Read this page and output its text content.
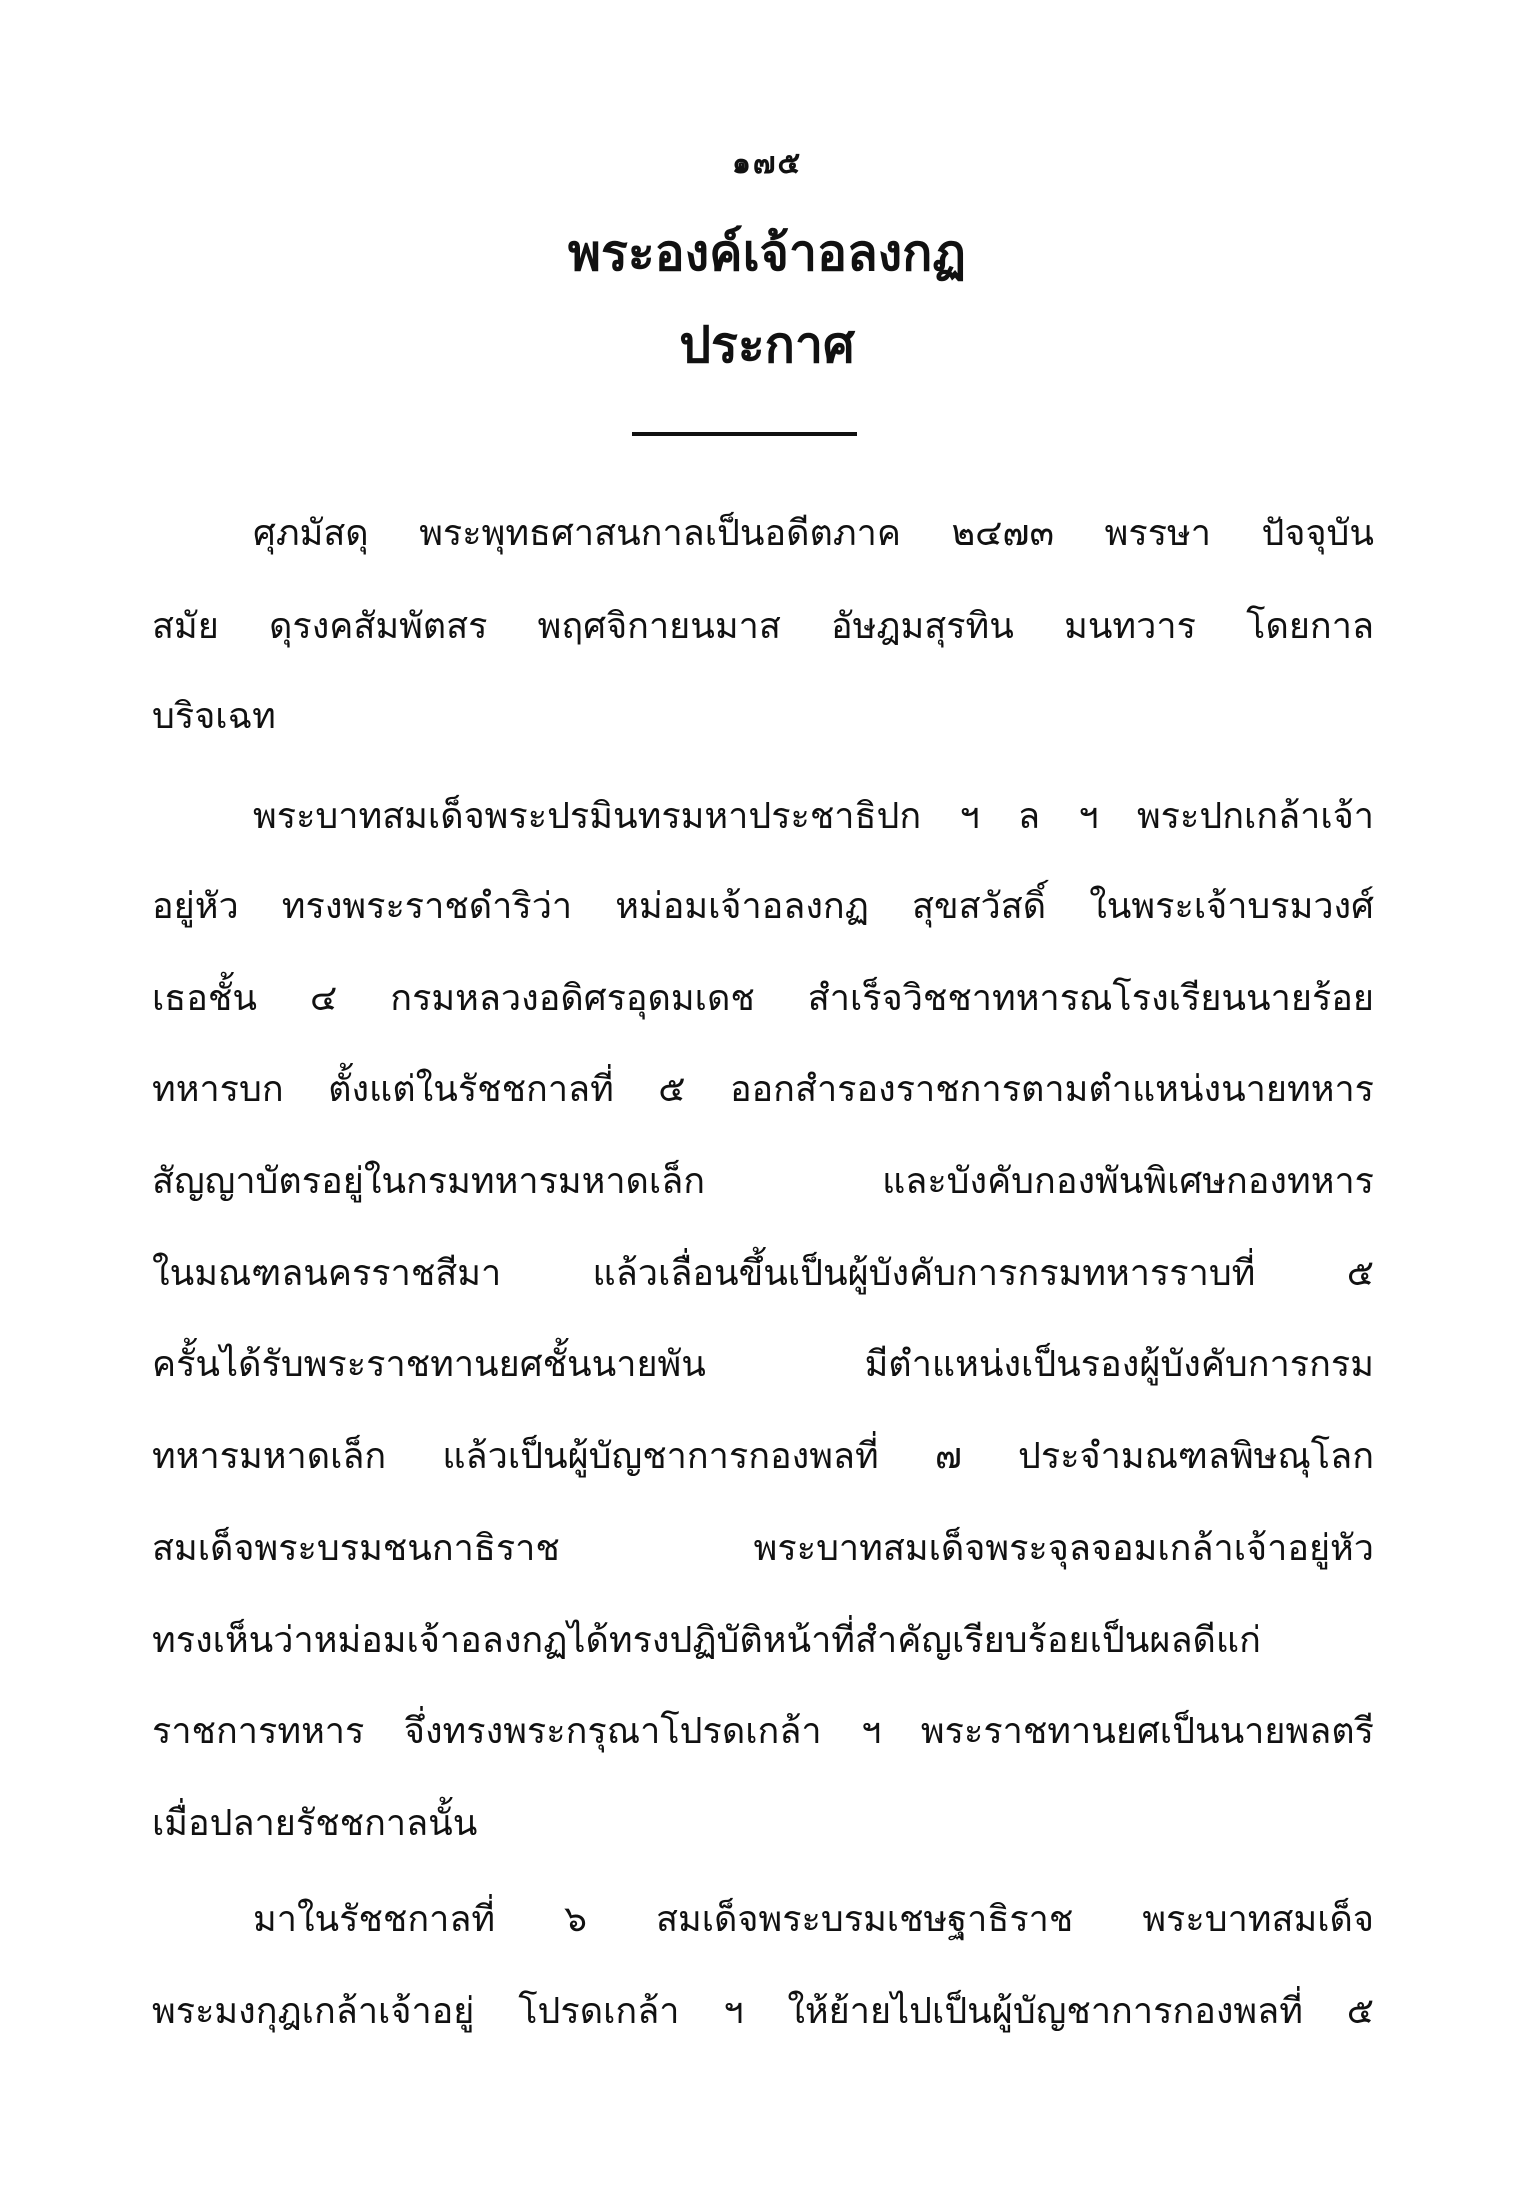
๑๗๕
พระองค์เจ้าอลงกฏ
ประกาศ
ศุภมัสดุ พระพุทธศาสนกาลเป็นอดีตภาค ๒๔๗๓ พรรษา ปัจจุบัน
สมัย ดุรงคสัมพัตสร พฤศจิกายนมาส อัษฎมสุรทิน มนทวาร โดยกาล
บริจเฉท
พระบาทสมเด็จพระปรมินทรมหาประชาธิปก ฯ ล ฯ พระปกเกล้าเจ้า
อยู่หัว ทรงพระราชดำริว่า หม่อมเจ้าอลงกฏ สุขสวัสดิ์ ในพระเจ้าบรมวงศ์
เธอชั้น ๔ กรมหลวงอดิศรอุดมเดช สำเร็จวิชชาทหารณโรงเรียนนายร้อย
ทหารบก ตั้งแต่ในรัชชกาลที่ ๕ ออกสำรองราชการตามตำแหน่งนายทหาร
สัญญาบัตรอยู่ในกรมทหารมหาดเล็ก และบังคับกองพันพิเศษกองทหาร
ในมณฑลนครราชสีมา แล้วเลื่อนขึ้นเป็นผู้บังคับการกรมทหารราบที่ ๕
ครั้นได้รับพระราชทานยศชั้นนายพัน มีตำแหน่งเป็นรองผู้บังคับการกรม
ทหารมหาดเล็ก แล้วเป็นผู้บัญชาการกองพลที่ ๗ ประจำมณฑลพิษณุโลก
สมเด็จพระบรมชนกาธิราช พระบาทสมเด็จพระจุลจอมเกล้าเจ้าอยู่หัว
ทรงเห็นว่าหม่อมเจ้าอลงกฏได้ทรงปฏิบัติหน้าที่สำคัญเรียบร้อยเป็นผลดีแก่
ราชการทหาร จึ่งทรงพระกรุณาโปรดเกล้า ฯ พระราชทานยศเป็นนายพลตรี
เมื่อปลายรัชชกาลนั้น
มาในรัชชกาลที่ ๖ สมเด็จพระบรมเชษฐาธิราช พระบาทสมเด็จ
พระมงกุฎเกล้าเจ้าอยู่ โปรดเกล้า ฯ ให้ย้ายไปเป็นผู้บัญชาการกองพลที่ ๕
